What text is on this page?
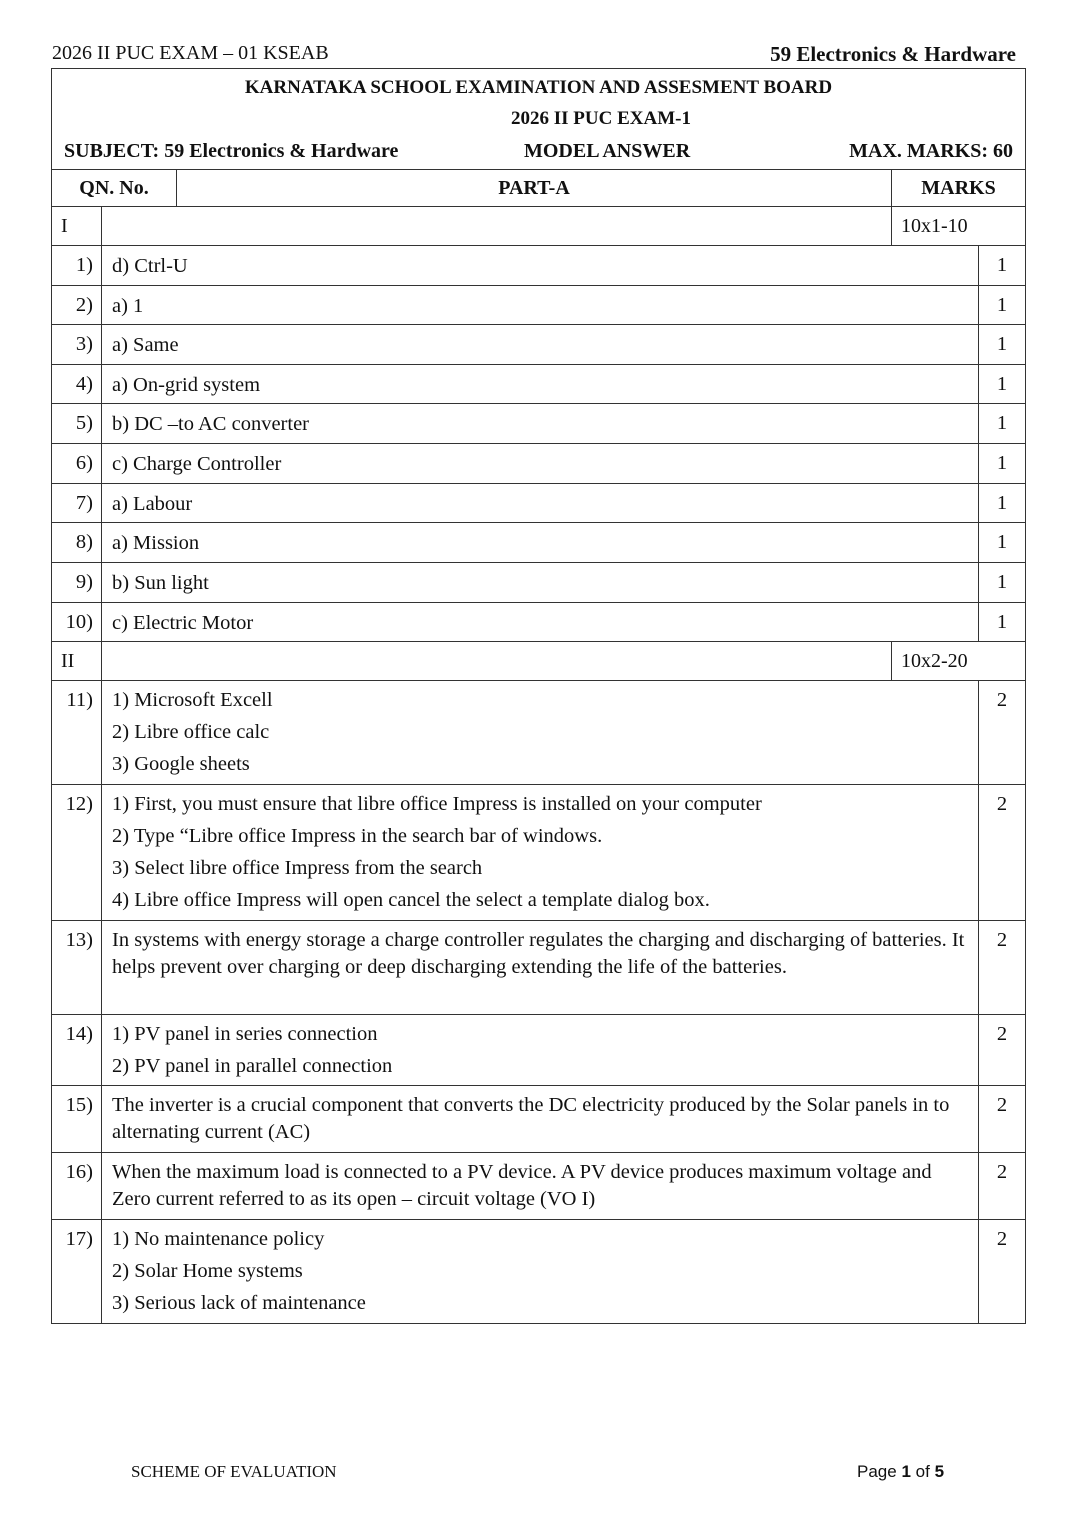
2026 II PUC EXAM – 01 KSEAB	59 Electronics & Hardware
KARNATAKA SCHOOL EXAMINATION AND ASSESMENT BOARD
2026 II PUC EXAM-1
SUBJECT: 59 Electronics & Hardware	MODEL ANSWER	MAX. MARKS: 60
QN. No.	PART-A	MARKS
I	10x1-10
1) d) Ctrl-U	1
2) a) 1	1
3) a) Same	1
4) a) On-grid system	1
5) b) DC –to AC converter	1
6) c) Charge Controller	1
7) a) Labour	1
8) a) Mission	1
9) b) Sun light	1
10) c) Electric Motor	1
II	10x2-20
11) 1) Microsoft Excell
2) Libre office calc
3) Google sheets
2
12) 1) First, you must ensure that libre office Impress is installed on your computer
2) Type “Libre office Impress in the search bar of windows.
3) Select libre office Impress from the search
4) Libre office Impress will open cancel the select a template dialog box.
2
13) In systems with energy storage a charge controller regulates the charging and discharging of batteries. It helps prevent over charging or deep discharging extending the life of the batteries.
2
14) 1) PV panel in series connection
2) PV panel in parallel connection
2
15) The inverter is a crucial component that converts the DC electricity produced by the Solar panels in to alternating current (AC)
2
16) When the maximum load is connected to a PV device. A PV device produces maximum voltage and Zero current referred to as its open – circuit voltage (VO I)
2
17) 1) No maintenance policy
2) Solar Home systems
3) Serious lack of maintenance
2
SCHEME OF EVALUATION	Page 1 of 5
